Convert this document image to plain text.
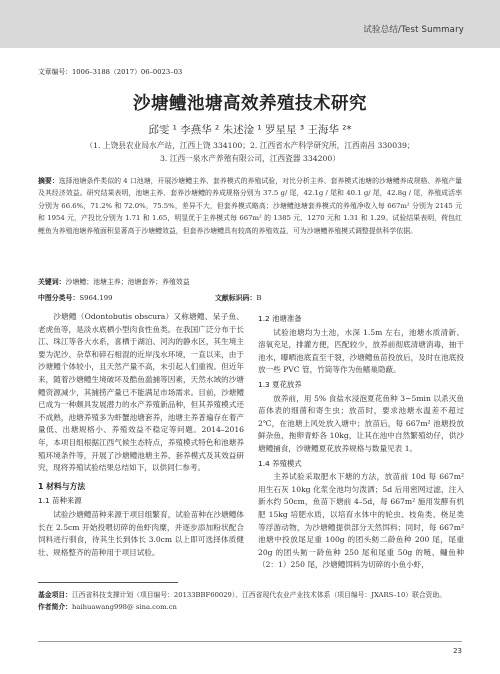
试验总结/Test Summary
文章编号：1006–3188（2017）06–0023–03
沙塘鳢池塘高效养殖技术研究
邱雯 ¹ 李燕华 ² 朱述淦 ¹ 罗星星 ³ 王海华 ²*
（1. 上饶县农业局水产站，江西上饶 334100；2. 江西省水产科学研究所，江西南昌 330039；
3. 江西一泉水产养殖有限公司，江西瓷器 334200）
摘要：选择池塘条件类似的 4 口池塘，开展沙塘鳢主养、套养模式的养殖试验，对比分析主养、套养模式池塘的沙塘鳢养成规格、养殖产量及其经济效益。研究结果表明，池塘主养、套养沙塘鳢的养成规格分别为 37.5 g/ 尾，42.1g / 尾和 40.1 g/ 尾，42.8g / 尾，养殖成活率分别为 66.6%，71.2% 和 72.0%，75.5%，差异不大，但套养模式略高；沙塘鳢池塘套养模式的养殖净收入每 667m² 分别为 2145 元和 1954 元，产投比分别为 1.71 和 1.65，明显优于主养模式每 667m² 的 1385 元、1270 元和 1.31 和 1.29。试验结果表明，荷包红鲤鱼为养殖池塘养殖面积显著高于沙塘鳢效益，但套养沙塘鳢具有较高的养殖效益，可为沙塘鳢养殖模式调整提供科学依据。
关键词：沙塘鳢；池塘主养；池塘套养；养殖效益
中图分类号：S964.199	文献标识码：B

沙塘鳢（Odontobutis obscura）又称塘鳢、呆子鱼、老虎鱼等，是淡水底栖小型肉食性鱼类。在我国广泛分布于长江、珠江等各大水系，喜栖于湖泊、河沟的静水区，其生境主要为泥沙、杂草和碎石相混的近岸浅水环境，一直以来，由于沙塘鳢个体较小，且天然产量不高，未引起人们重视。但近年来，随着沙塘鳢生境破坏及酷鱼滥捕等因素，天然水域的沙塘鳢资源减少，其捕捞产量已不能满足市场需求。目前，沙塘鳢已成为一种颇具发展潜力的水产养殖新品种，但其养殖模式还不成熟，池塘养殖多为虾蟹池塘套养，池塘主养普遍存在着产量低、出塘规格小、养殖效益不稳定等问题。2014–2016 年，本项目组根据江西气候生态特点，养殖模式特色和池塘养殖环境条件等，开展了沙塘鳢池塘主养、套养模式及其效益研究，现将养殖试验结果总结如下，以供同仁参考。

1 材料与方法

1.1 苗种来源

试验沙塘鳢苗种来源于项目组繁育，试验苗种在沙塘鳢体长在 2.5cm 开始投喂切碎的鱼虾肉糜，并逐步添加粉状配合饲料进行驯食，待其生长到体长 3.0cm 以上即可选择体质健壮、规格整齐的苗种用于项目试验。

1.2 池塘准备

试验池塘均为土池，水深 1.5m 左右，池塘水质清新、溶氧充足，排灌方便，匹配较少，放养前彻底清塘消毒，抽干池水，曝晒池底直至干裂，沙塘鳢鱼苗投放后，及时在池底投放一些 PVC 管，竹筒等作为鱼鳍巢隐蔽。

1.3 夏花放养

放养前，用 5% 食盐水浸泡夏花鱼种 3~5min 以杀灭鱼苗体表的细菌和寄生虫；放苗时，要求池塘水温差不超过 2℃，在池塘上风处放入塘中；放苗后，每 667m² 池塘投放鲜杂鱼、拖卵青虾各 10kg，让其在池中自然繁殖幼仔，供沙塘鳢捕食，沙塘鳢夏花放养规格与数量见表 1。

1.4 养殖模式

主养试验采取肥水下塘的方法，放苗前 10d 每 667m² 用生石灰 10kg 化浆全池均匀泼洒；5d 后用密网过滤，注入新水约 50cm，鱼苗下塘前 4–5d，每 667m² 施用发酵有机肥 15kg 培肥水质，以培育水体中的轮虫、枝角类、桡足类等浮游动物，为沙塘鳢提供部分天然饵料；同时，每 667m² 池塘中投放尾足重 100g 的团头鲂二龄鱼种 200 尾，尾重 20g 的团头鲂一龄鱼种 250 尾和尾重 50g 的鲢、鳙鱼种（2：1）250 尾，沙塘鳢饵料为切碎的小鱼小虾，

基金项目：江西省科技支撑计划（项目编号：20133BBF60029）、江西省现代农业产业技术体系（项目编号：JXARS–10）联合资助。
作者简介：haihuawang998@ sina.com.cn
23
